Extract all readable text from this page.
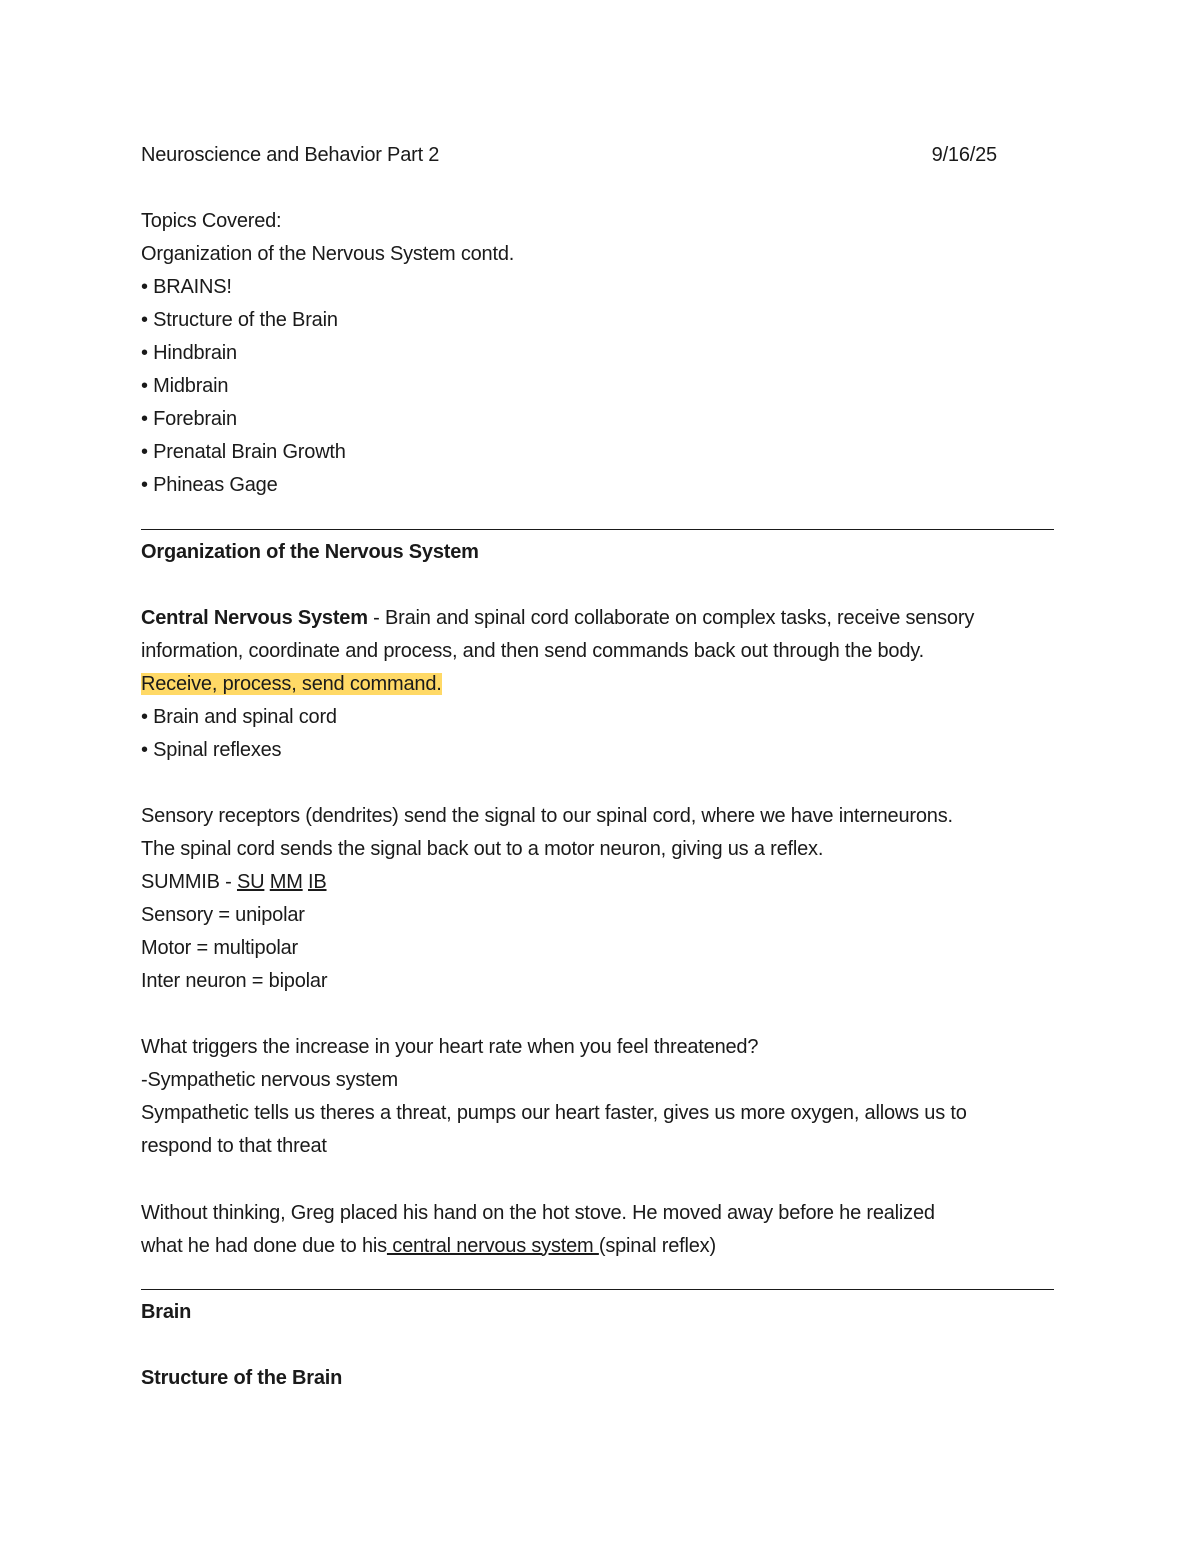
Neuroscience and Behavior Part 2	9/16/25
Topics Covered:
Organization of the Nervous System contd.
• BRAINS!
• Structure of the Brain
• Hindbrain
• Midbrain
• Forebrain
• Prenatal Brain Growth
• Phineas Gage
Organization of the Nervous System
Central Nervous System - Brain and spinal cord collaborate on complex tasks, receive sensory
information, coordinate and process, and then send commands back out through the body.
Receive, process, send command.
• Brain and spinal cord
• Spinal reflexes
Sensory receptors (dendrites) send the signal to our spinal cord, where we have interneurons.
The spinal cord sends the signal back out to a motor neuron, giving us a reflex.
SUMMIB - SU MM IB
Sensory = unipolar
Motor = multipolar
Inter neuron = bipolar
What triggers the increase in your heart rate when you feel threatened?
-Sympathetic nervous system
Sympathetic tells us theres a threat, pumps our heart faster, gives us more oxygen, allows us to
respond to that threat
Without thinking, Greg placed his hand on the hot stove. He moved away before he realized
what he had done due to his central nervous system (spinal reflex)
Brain
Structure of the Brain
